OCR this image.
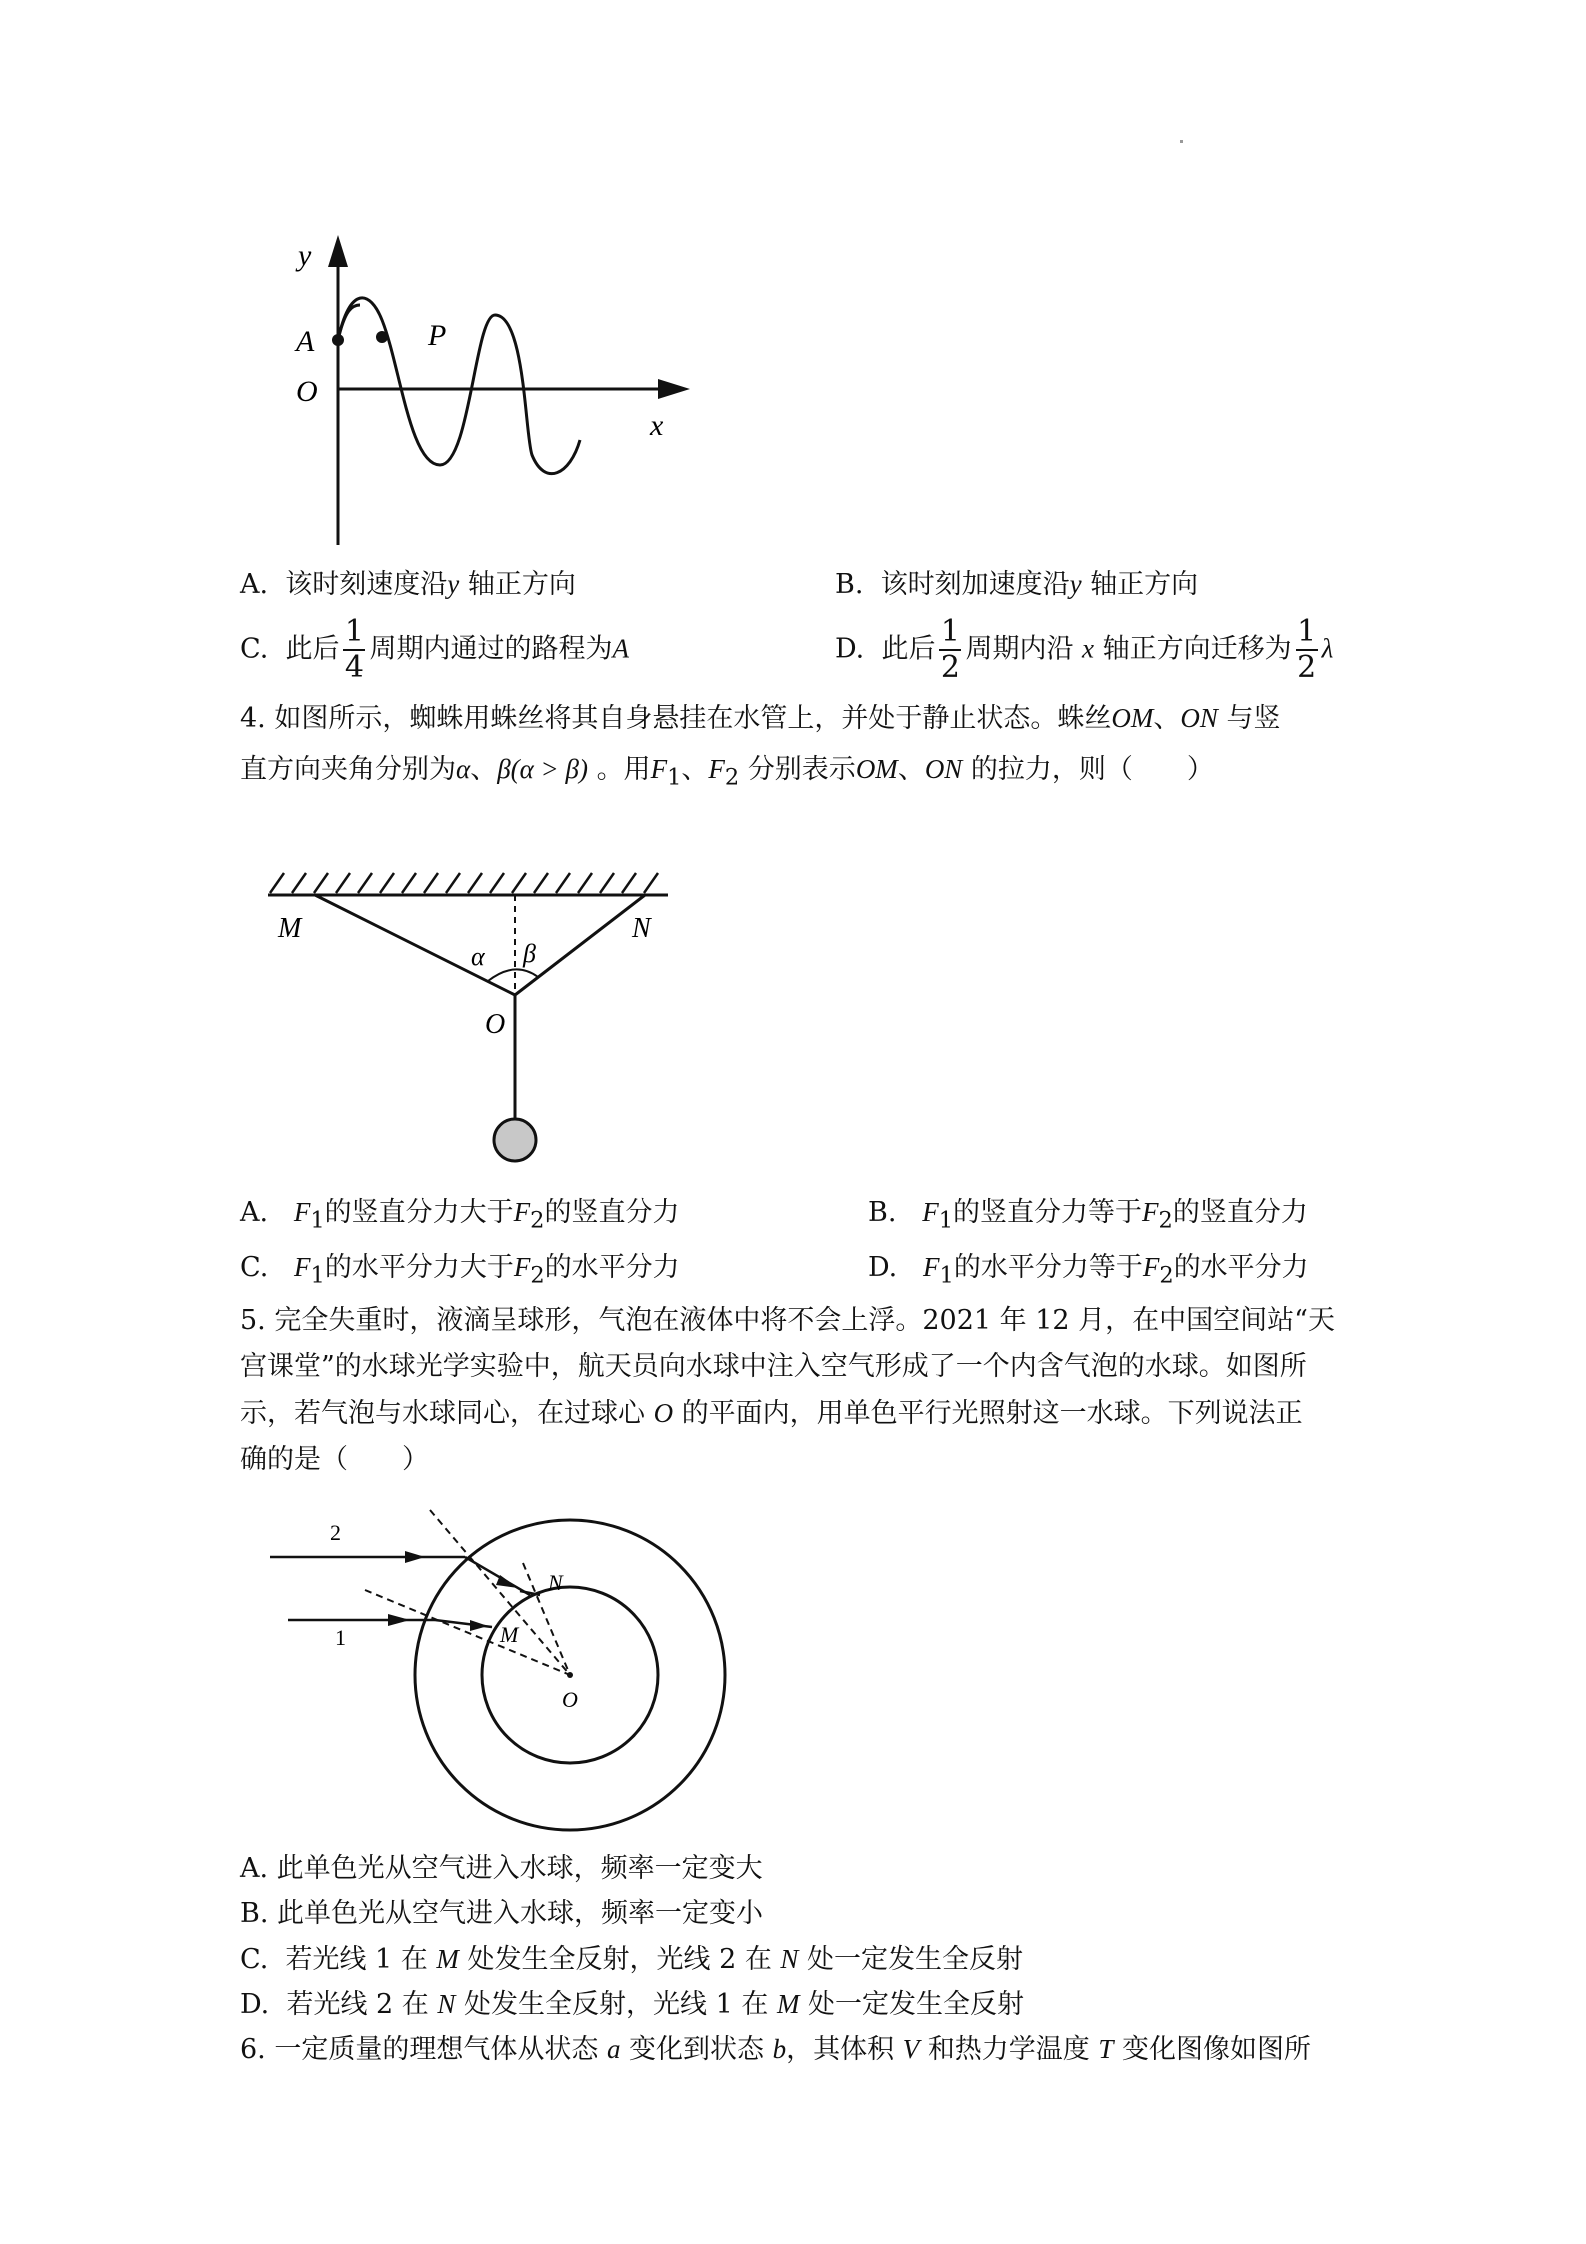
y
A
O
P
x
A. 该时刻速度沿y 轴正方向	B. 该时刻加速度沿y 轴正方向
C. 此后 $\frac{1}{4}$ 周期内通过的路程为A	D. 此后 $\frac{1}{2}$ 周期内沿 x 轴正方向迁移为 $\frac{1}{2}$ λ
4. 如图所示，蜘蛛用蛛丝将其自身悬挂在水管上，并处于静止状态。蛛丝OM、ON 与竖
直方向夹角分别为α、β(α > β) 。用$F_1$、$F_2$ 分别表示OM、ON 的拉力，则（　　）
M	N
α β
O
A. $F_1$的竖直分力大于$F_2$的竖直分力	B. $F_1$的竖直分力等于$F_2$的竖直分力
C. $F_1$的水平分力大于$F_2$的水平分力	D. $F_1$的水平分力等于$F_2$的水平分力
5. 完全失重时，液滴呈球形，气泡在液体中将不会上浮。2021 年 12 月，在中国空间站“天
宫课堂”的水球光学实验中，航天员向水球中注入空气形成了一个内含气泡的水球。如图所
示，若气泡与水球同心，在过球心 O 的平面内，用单色平行光照射这一水球。下列说法正
确的是（　　）
2
1
N
M
O
A. 此单色光从空气进入水球，频率一定变大
B. 此单色光从空气进入水球，频率一定变小
C. 若光线 1 在 M 处发生全反射，光线 2 在 N 处一定发生全反射
D. 若光线 2 在 N 处发生全反射，光线 1 在 M 处一定发生全反射
6. 一定质量的理想气体从状态 a 变化到状态 b，其体积 V 和热力学温度 T 变化图像如图所
